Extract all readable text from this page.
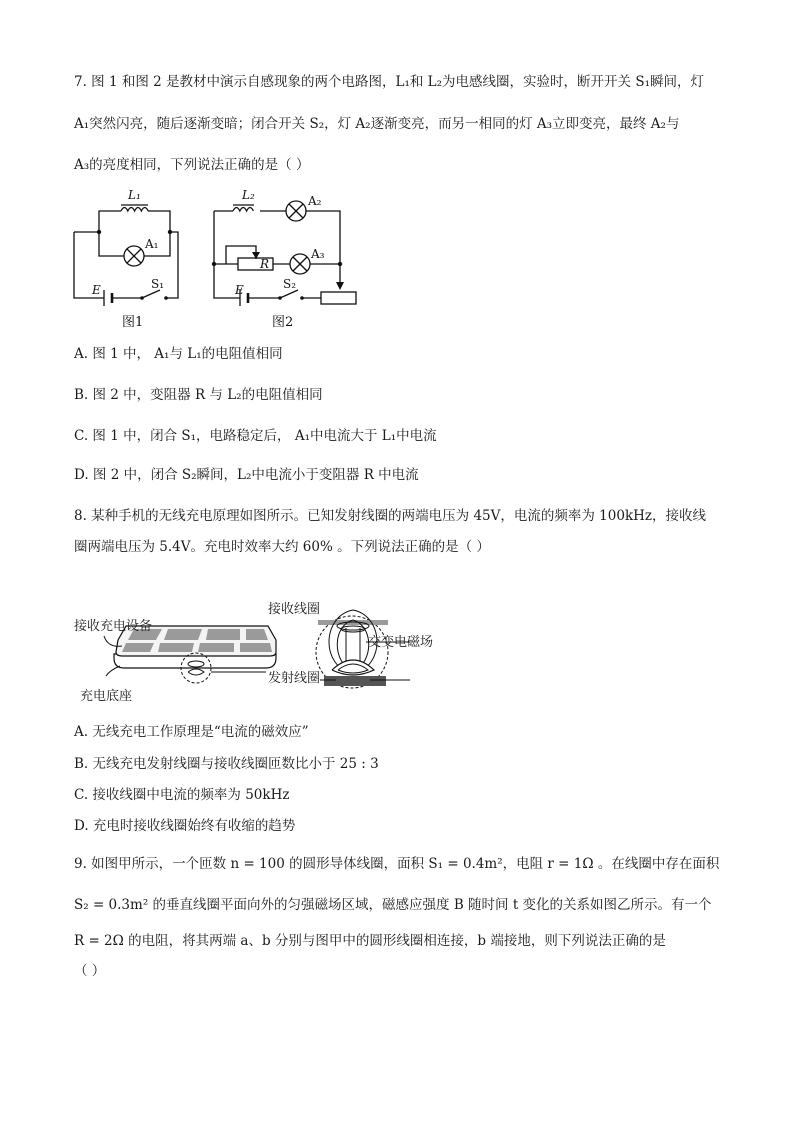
7. 图 1 和图 2 是教材中演示自感现象的两个电路图，L₁和 L₂为电感线圈，实验时，断开开关 S₁瞬间，灯
A₁突然闪亮，随后逐渐变暗；闭合开关 S₂，灯 A₂逐渐变亮，而另一相同的灯 A₃立即变亮，最终 A₂与
A₃的亮度相同，下列说法正确的是（ ）
L₁
A₁
E	S₁
图1
L₂	A₂
A₃
R
E	S₂
图2
A. 图 1 中， A₁与 L₁的电阻值相同
B. 图 2 中，变阻器 R 与 L₂的电阻值相同
C. 图 1 中，闭合 S₁，电路稳定后， A₁中电流大于 L₁中电流
D. 图 2 中，闭合 S₂瞬间，L₂中电流小于变阻器 R 中电流
8. 某种手机的无线充电原理如图所示。已知发射线圈的两端电压为 45V，电流的频率为 100kHz，接收线
圈两端电压为 5.4V。充电时效率大约 60% 。下列说法正确的是（ ）
接收充电设备
充电底座
接收线圈
交变电磁场
发射线圈
A. 无线充电工作原理是“电流的磁效应”
B. 无线充电发射线圈与接收线圈匝数比小于 25 : 3
C. 接收线圈中电流的频率为 50kHz
D. 充电时接收线圈始终有收缩的趋势
9. 如图甲所示，一个匝数 n = 100 的圆形导体线圈，面积 S₁ = 0.4m²，电阻 r = 1Ω 。在线圈中存在面积
S₂ = 0.3m² 的垂直线圈平面向外的匀强磁场区域，磁感应强度 B 随时间 t 变化的关系如图乙所示。有一个
R = 2Ω 的电阻，将其两端 a、b 分别与图甲中的圆形线圈相连接，b 端接地，则下列说法正确的是
（ ）
